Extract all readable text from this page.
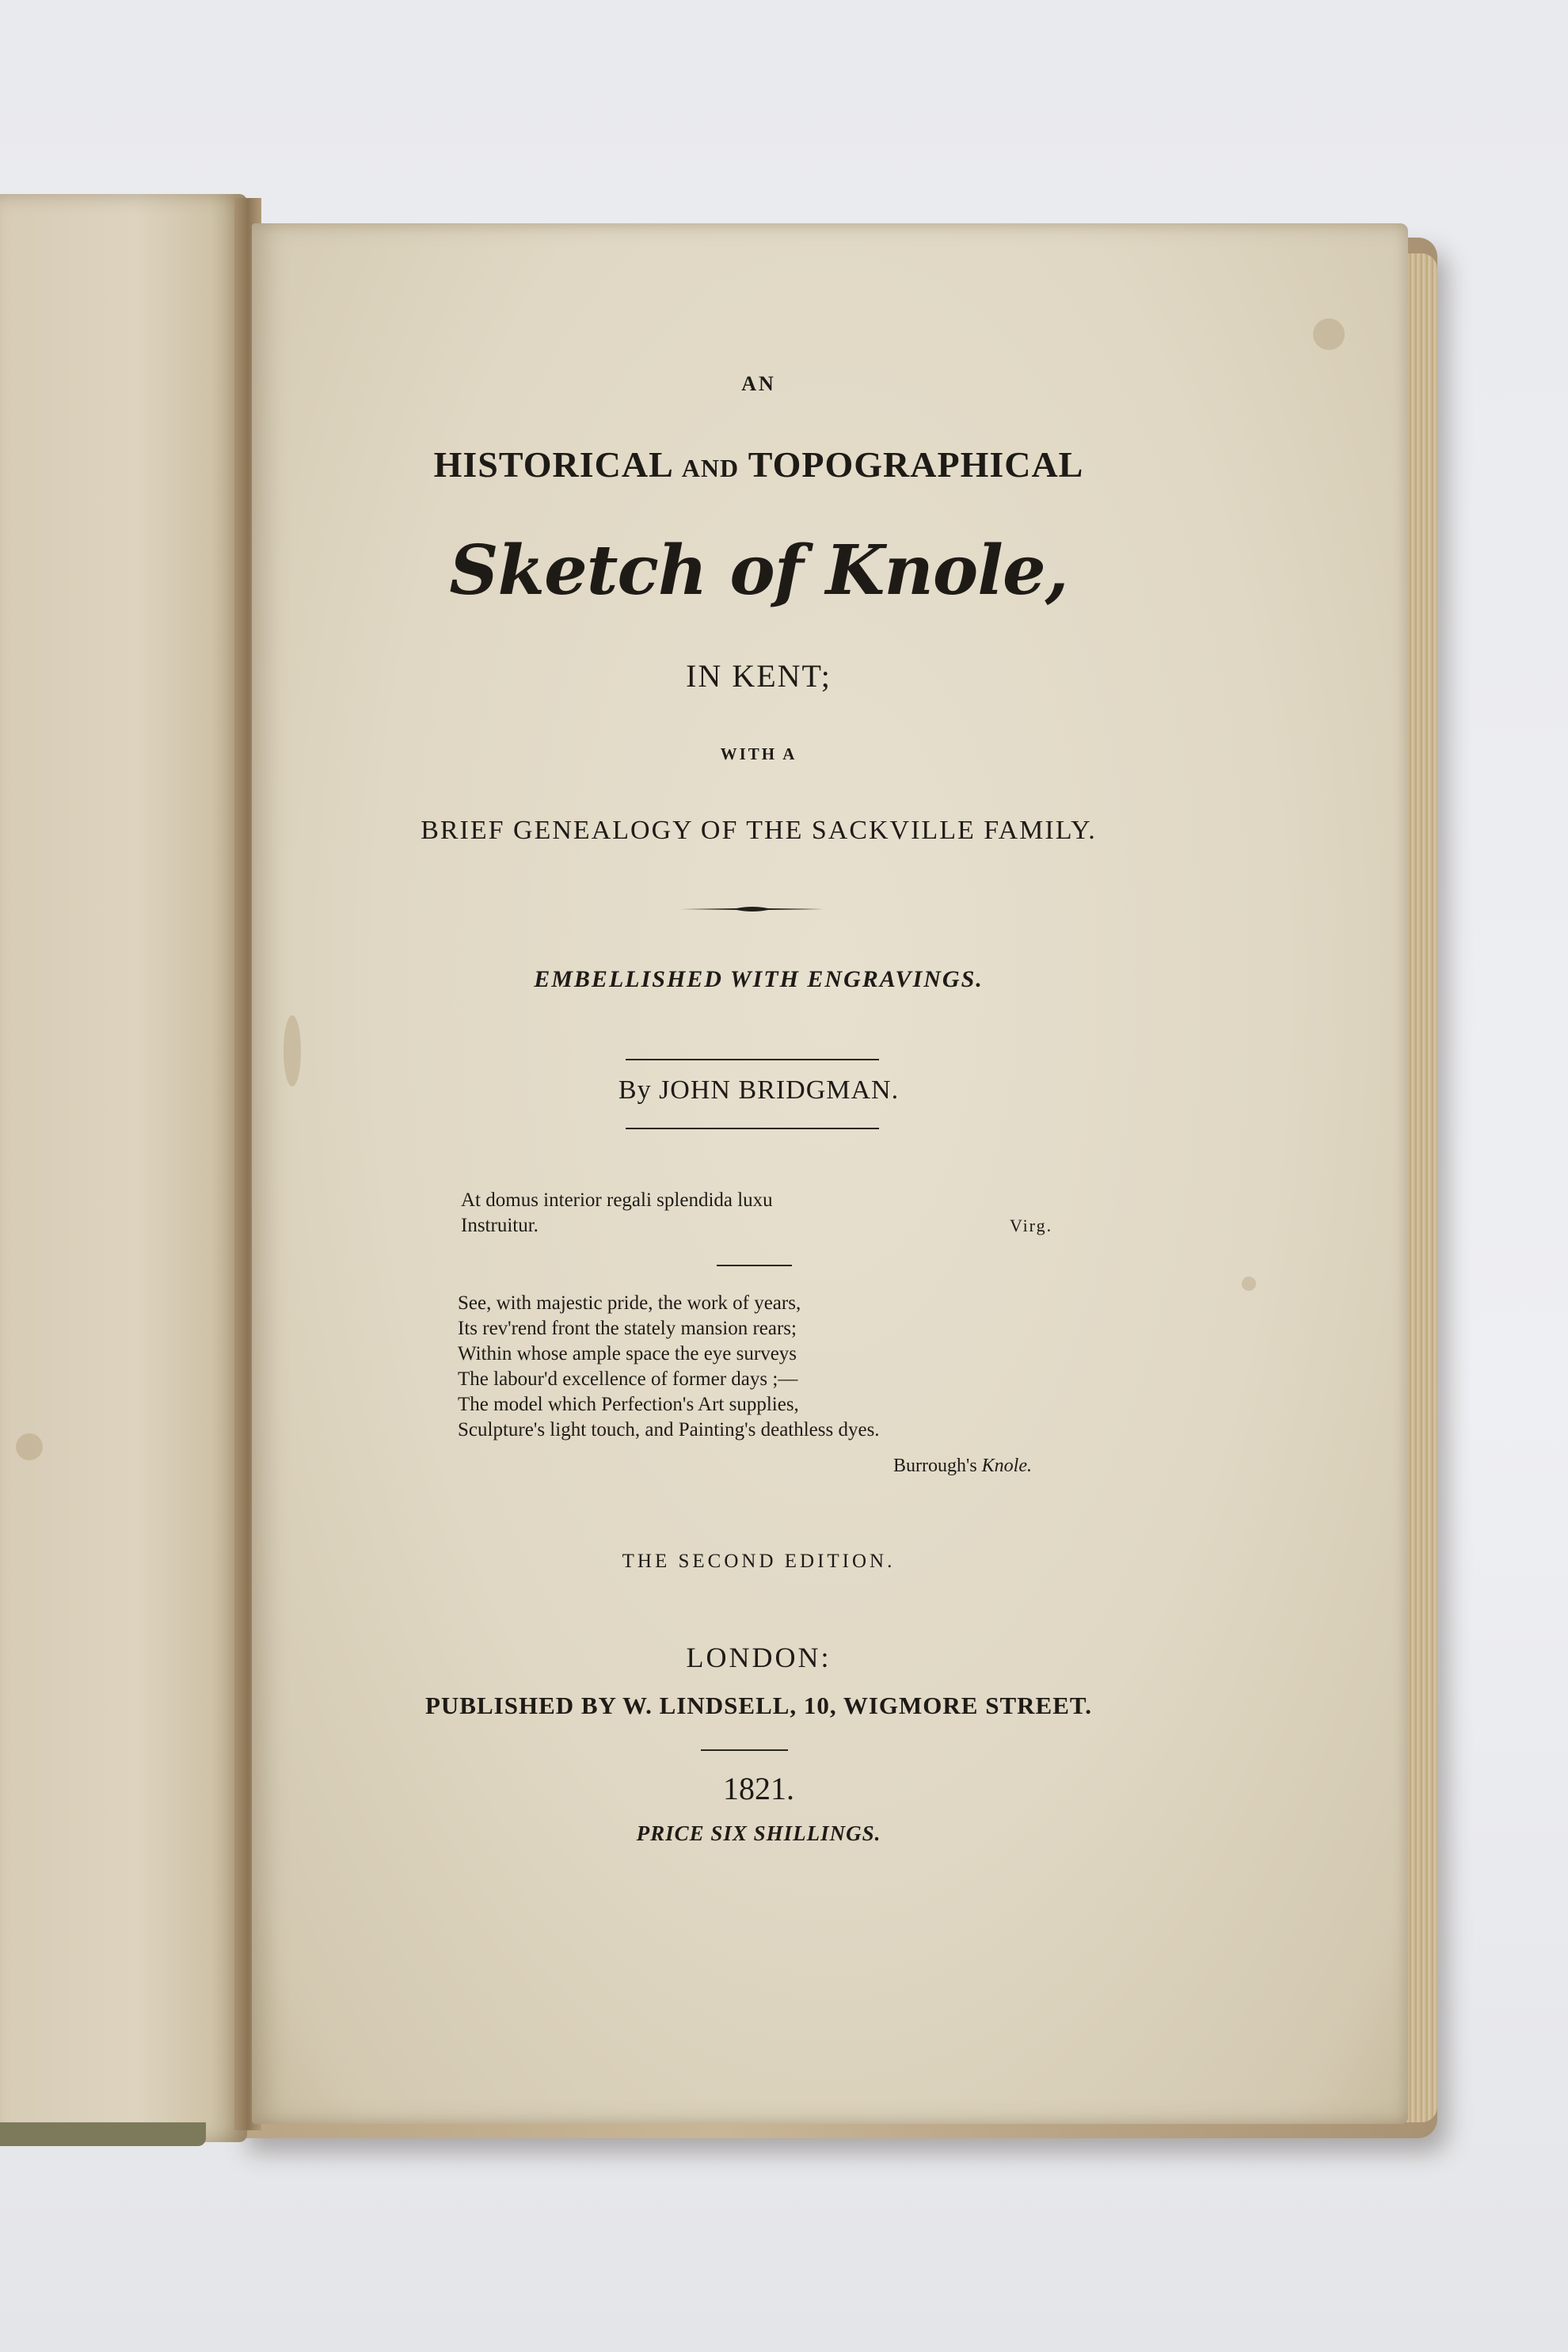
AN
HISTORICAL AND TOPOGRAPHICAL
Sketch of Knole,
IN KENT;
WITH A
BRIEF GENEALOGY OF THE SACKVILLE FAMILY.
EMBELLISHED WITH ENGRAVINGS.
By JOHN BRIDGMAN.
At domus interior regali splendida luxu
Instruitur.	Virg.
See, with majestic pride, the work of years,
Its rev'rend front the stately mansion rears;
Within whose ample space the eye surveys
The labour'd excellence of former days ;—
The model which Perfection's Art supplies,
Sculpture's light touch, and Painting's deathless dyes.
Burrough's Knole.
THE SECOND EDITION.
LONDON:
PUBLISHED BY W. LINDSELL, 10, WIGMORE STREET.
1821.
PRICE SIX SHILLINGS.
